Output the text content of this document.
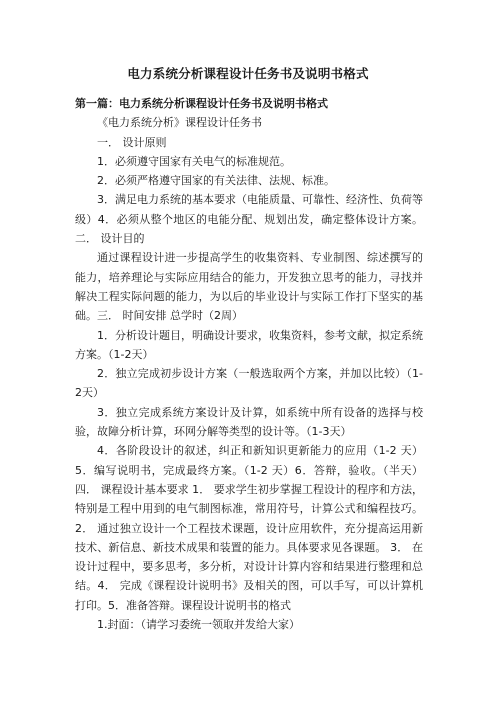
电力系统分析课程设计任务书及说明书格式

第一篇：电力系统分析课程设计任务书及说明书格式

《电力系统分析》课程设计任务书

一． 设计原则

1．必须遵守国家有关电气的标准规范。

2．必须严格遵守国家的有关法律、法规、标准。

3．满足电力系统的基本要求（电能质量、可靠性、经济性、负荷等级）4．必须从整个地区的电能分配、规划出发，确定整体设计方案。 二． 设计目的

通过课程设计进一步提高学生的收集资料、专业制图、综述撰写的能力，培养理论与实际应用结合的能力，开发独立思考的能力，寻找并解决工程实际问题的能力，为以后的毕业设计与实际工作打下坚实的基础。三． 时间安排 总学时（2周）

1．分析设计题目，明确设计要求，收集资料，参考文献，拟定系统方案。（1-2天）

2．独立完成初步设计方案（一般选取两个方案，并加以比较）（1-2天）

3．独立完成系统方案设计及计算，如系统中所有设备的选择与校验，故障分析计算，环网分解等类型的设计等。（1-3天）

4．各阶段设计的叙述，纠正和新知识更新能力的应用（1-2 天）5．编写说明书，完成最终方案。（1-2 天）6．答辩，验收。（半天） 四． 课程设计基本要求 1． 要求学生初步掌握工程设计的程序和方法，特别是工程中用到的电气制图标准，常用符号，计算公式和编程技巧。 2． 通过独立设计一个工程技术课题，设计应用软件，充分提高运用新技术、新信息、新技术成果和装置的能力。具体要求见各课题。 3． 在设计过程中，要多思考，多分析，对设计计算内容和结果进行整理和总结。4． 完成《课程设计说明书》及相关的图，可以手写，可以计算机打印。5．准备答辩。课程设计说明书的格式

1.封面：（请学习委统一领取并发给大家）
